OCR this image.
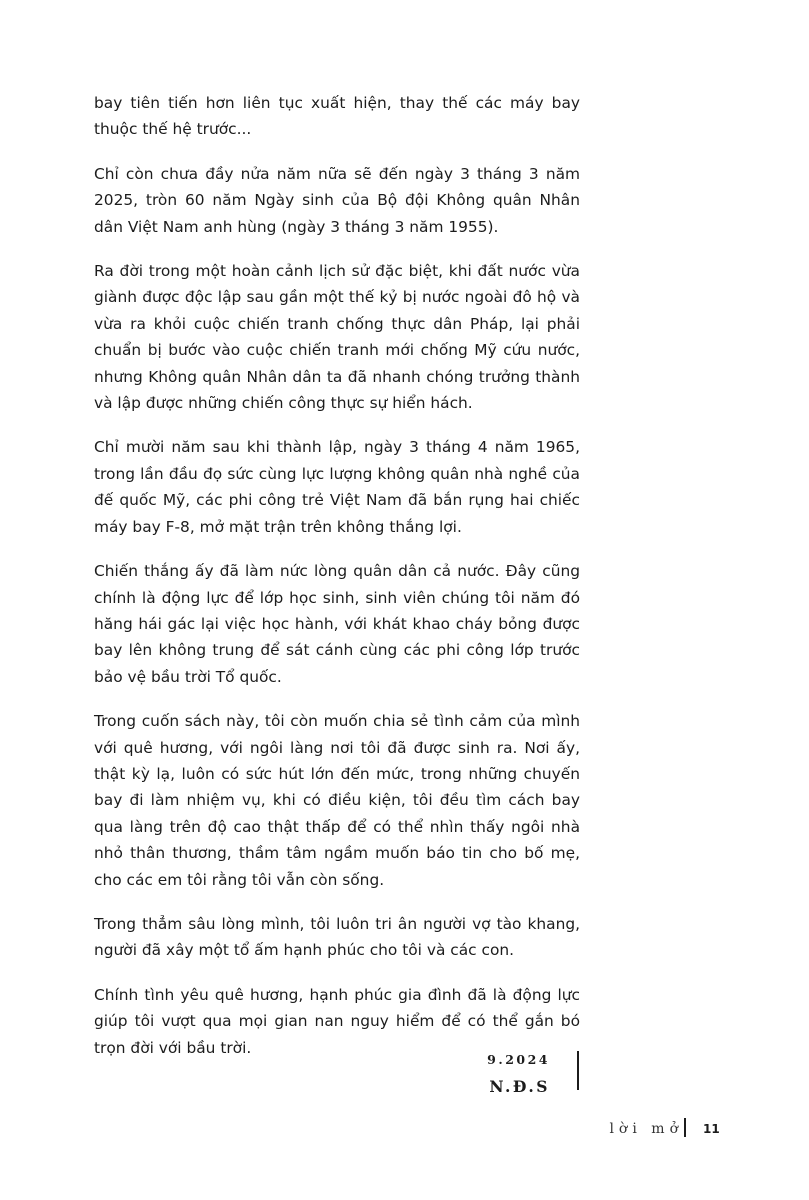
bay tiên tiến hơn liên tục xuất hiện, thay thế các máy bay thuộc thế hệ trước...

Chỉ còn chưa đầy nửa năm nữa sẽ đến ngày 3 tháng 3 năm 2025, tròn 60 năm Ngày sinh của Bộ đội Không quân Nhân dân Việt Nam anh hùng (ngày 3 tháng 3 năm 1955).

Ra đời trong một hoàn cảnh lịch sử đặc biệt, khi đất nước vừa giành được độc lập sau gần một thế kỷ bị nước ngoài đô hộ và vừa ra khỏi cuộc chiến tranh chống thực dân Pháp, lại phải chuẩn bị bước vào cuộc chiến tranh mới chống Mỹ cứu nước, nhưng Không quân Nhân dân ta đã nhanh chóng trưởng thành và lập được những chiến công thực sự hiển hách.

Chỉ mười năm sau khi thành lập, ngày 3 tháng 4 năm 1965, trong lần đầu đọ sức cùng lực lượng không quân nhà nghề của đế quốc Mỹ, các phi công trẻ Việt Nam đã bắn rụng hai chiếc máy bay F-8, mở mặt trận trên không thắng lợi.

Chiến thắng ấy đã làm nức lòng quân dân cả nước. Đây cũng chính là động lực để lớp học sinh, sinh viên chúng tôi năm đó hăng hái gác lại việc học hành, với khát khao cháy bỏng được bay lên không trung để sát cánh cùng các phi công lớp trước bảo vệ bầu trời Tổ quốc.

Trong cuốn sách này, tôi còn muốn chia sẻ tình cảm của mình với quê hương, với ngôi làng nơi tôi đã được sinh ra. Nơi ấy, thật kỳ lạ, luôn có sức hút lớn đến mức, trong những chuyến bay đi làm nhiệm vụ, khi có điều kiện, tôi đều tìm cách bay qua làng trên độ cao thật thấp để có thể nhìn thấy ngôi nhà nhỏ thân thương, thầm tâm ngầm muốn báo tin cho bố mẹ, cho các em tôi rằng tôi vẫn còn sống.

Trong thẳm sâu lòng mình, tôi luôn tri ân người vợ tào khang, người đã xây một tổ ấm hạnh phúc cho tôi và các con.

Chính tình yêu quê hương, hạnh phúc gia đình đã là động lực giúp tôi vượt qua mọi gian nan nguy hiểm để có thể gắn bó trọn đời với bầu trời.

9.2024
N.Đ.S
lời mở 11
